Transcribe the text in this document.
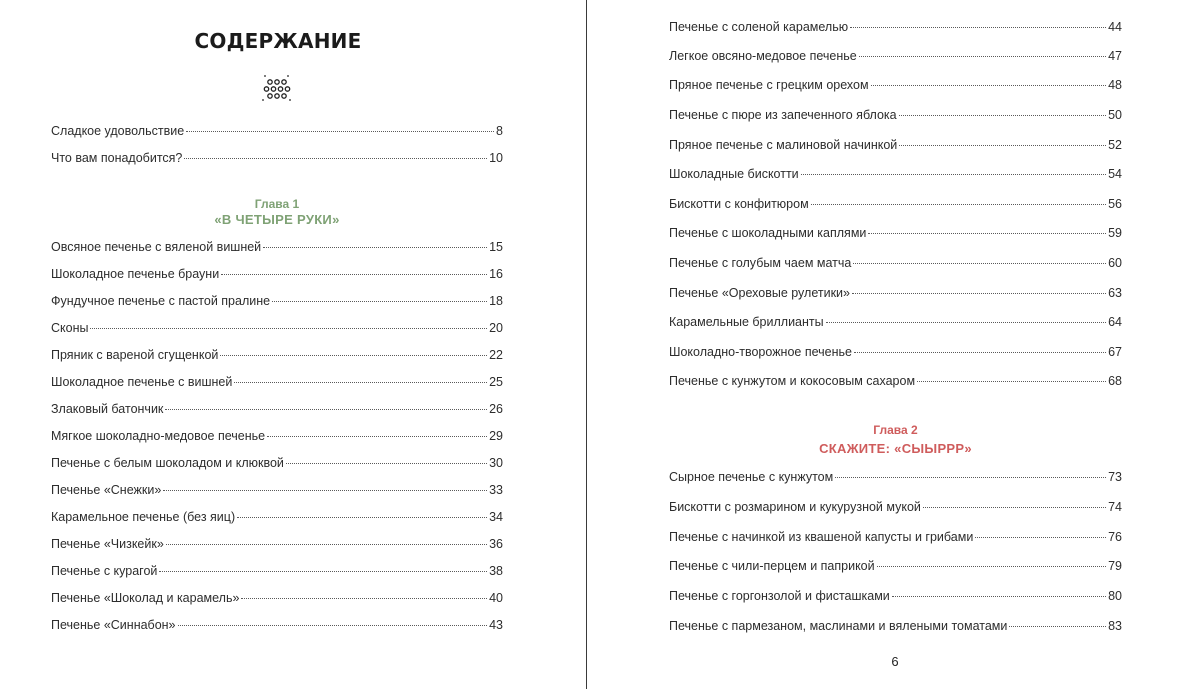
СОДЕРЖАНИЕ
Сладкое удовольствие	8
Что вам понадобится?	10
Глава 1
«В ЧЕТЫРЕ РУКИ»
Овсяное печенье с вяленой вишней	15
Шоколадное печенье брауни	16
Фундучное печенье с пастой пралине	18
Сконы	20
Пряник с вареной сгущенкой	22
Шоколадное печенье с вишней	25
Злаковый батончик	26
Мягкое шоколадно-медовое печенье	29
Печенье с белым шоколадом и клюквой	30
Печенье «Снежки»	33
Карамельное печенье (без яиц)	34
Печенье «Чизкейк»	36
Печенье с курагой	38
Печенье «Шоколад и карамель»	40
Печенье «Синнабон»	43
Печенье с соленой карамелью	44
Легкое овсяно-медовое печенье	47
Пряное печенье с грецким орехом	48
Печенье с пюре из запеченного яблока	50
Пряное печенье с малиновой начинкой	52
Шоколадные бискотти	54
Бискотти с конфитюром	56
Печенье с шоколадными каплями	59
Печенье с голубым чаем матча	60
Печенье «Ореховые рулетики»	63
Карамельные бриллианты	64
Шоколадно-творожное печенье	67
Печенье с кунжутом и кокосовым сахаром	68
Глава 2
СКАЖИТЕ: «СЫЫРРР»
Сырное печенье с кунжутом	73
Бискотти с розмарином и кукурузной мукой	74
Печенье с начинкой из квашеной капусты и грибами	76
Печенье с чили-перцем и паприкой	79
Печенье с горгонзолой и фисташками	80
Печенье с пармезаном, маслинами и вялеными томатами	83
6
